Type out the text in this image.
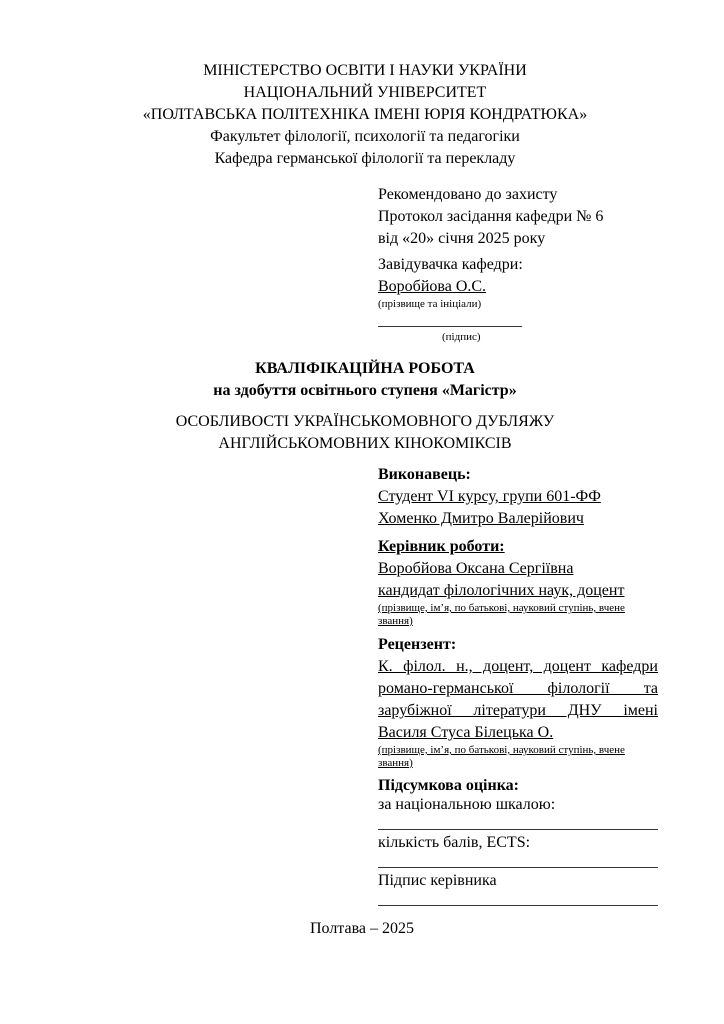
МІНІСТЕРСТВО ОСВІТИ І НАУКИ УКРАЇНИ
НАЦІОНАЛЬНИЙ УНІВЕРСИТЕТ
«ПОЛТАВСЬКА ПОЛІТЕХНІКА ІМЕНІ ЮРІЯ КОНДРАТЮКА»
Факультет філології, психології та педагогіки
Кафедра германської філології та перекладу
Рекомендовано до захисту
Протокол засідання кафедри № 6
від «20» січня 2025 року
Завідувачка кафедри:
Воробйова О.С.
(прізвище та ініціали)
__________________
(підпис)
КВАЛІФІКАЦІЙНА РОБОТА
на здобуття освітнього ступеня «Магістр»
ОСОБЛИВОСТІ УКРАЇНСЬКОМОВНОГО ДУБЛЯЖУ
АНГЛІЙСЬКОМОВНИХ КІНОКОМІКСІВ
Виконавець:
Студент VI курсу, групи 601-ФФ
Хоменко Дмитро Валерійович
Керівник роботи:
Воробйова Оксана Сергіївна
кандидат філологічних наук, доцент
(прізвище, ім’я, по батькові, науковий ступінь, вчене звання)
Рецензент:
К. філол. н., доцент, доцент кафедри
романо-германської філології та
зарубіжної літератури ДНУ імені
Василя Стуса Білецька О.
(прізвище, ім’я, по батькові, науковий ступінь, вчене звання)
Підсумкова оцінка:
за національною шкалою:
___________________________________
кількість балів, ECTS:
___________________________________
Підпис керівника
___________________________________
Полтава – 2025
